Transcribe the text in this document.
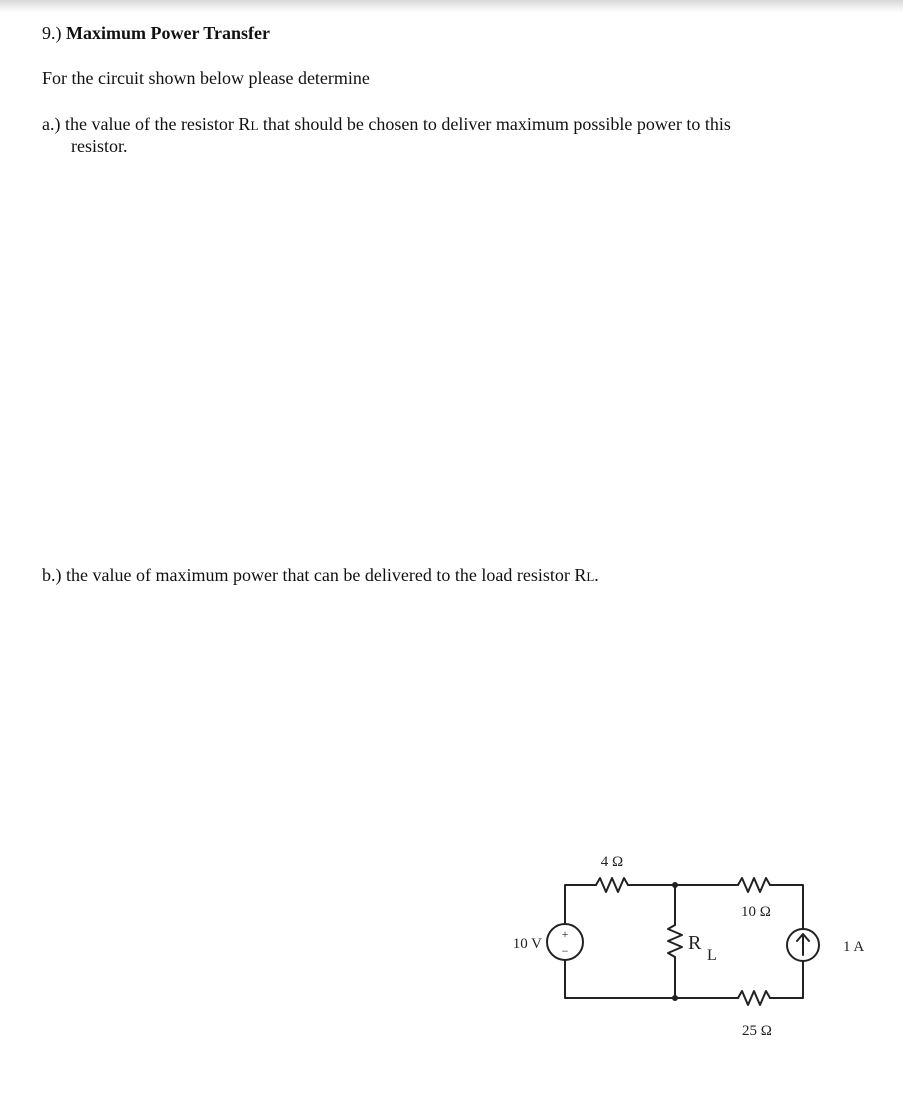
9.) Maximum Power Transfer
For the circuit shown below please determine
a.) the value of the resistor RL that should be chosen to deliver maximum possible power to this
resistor.
b.) the value of maximum power that can be delivered to the load resistor RL.
4 Ω
10 Ω
25 Ω
R
L
10 V	1 A
+
−
